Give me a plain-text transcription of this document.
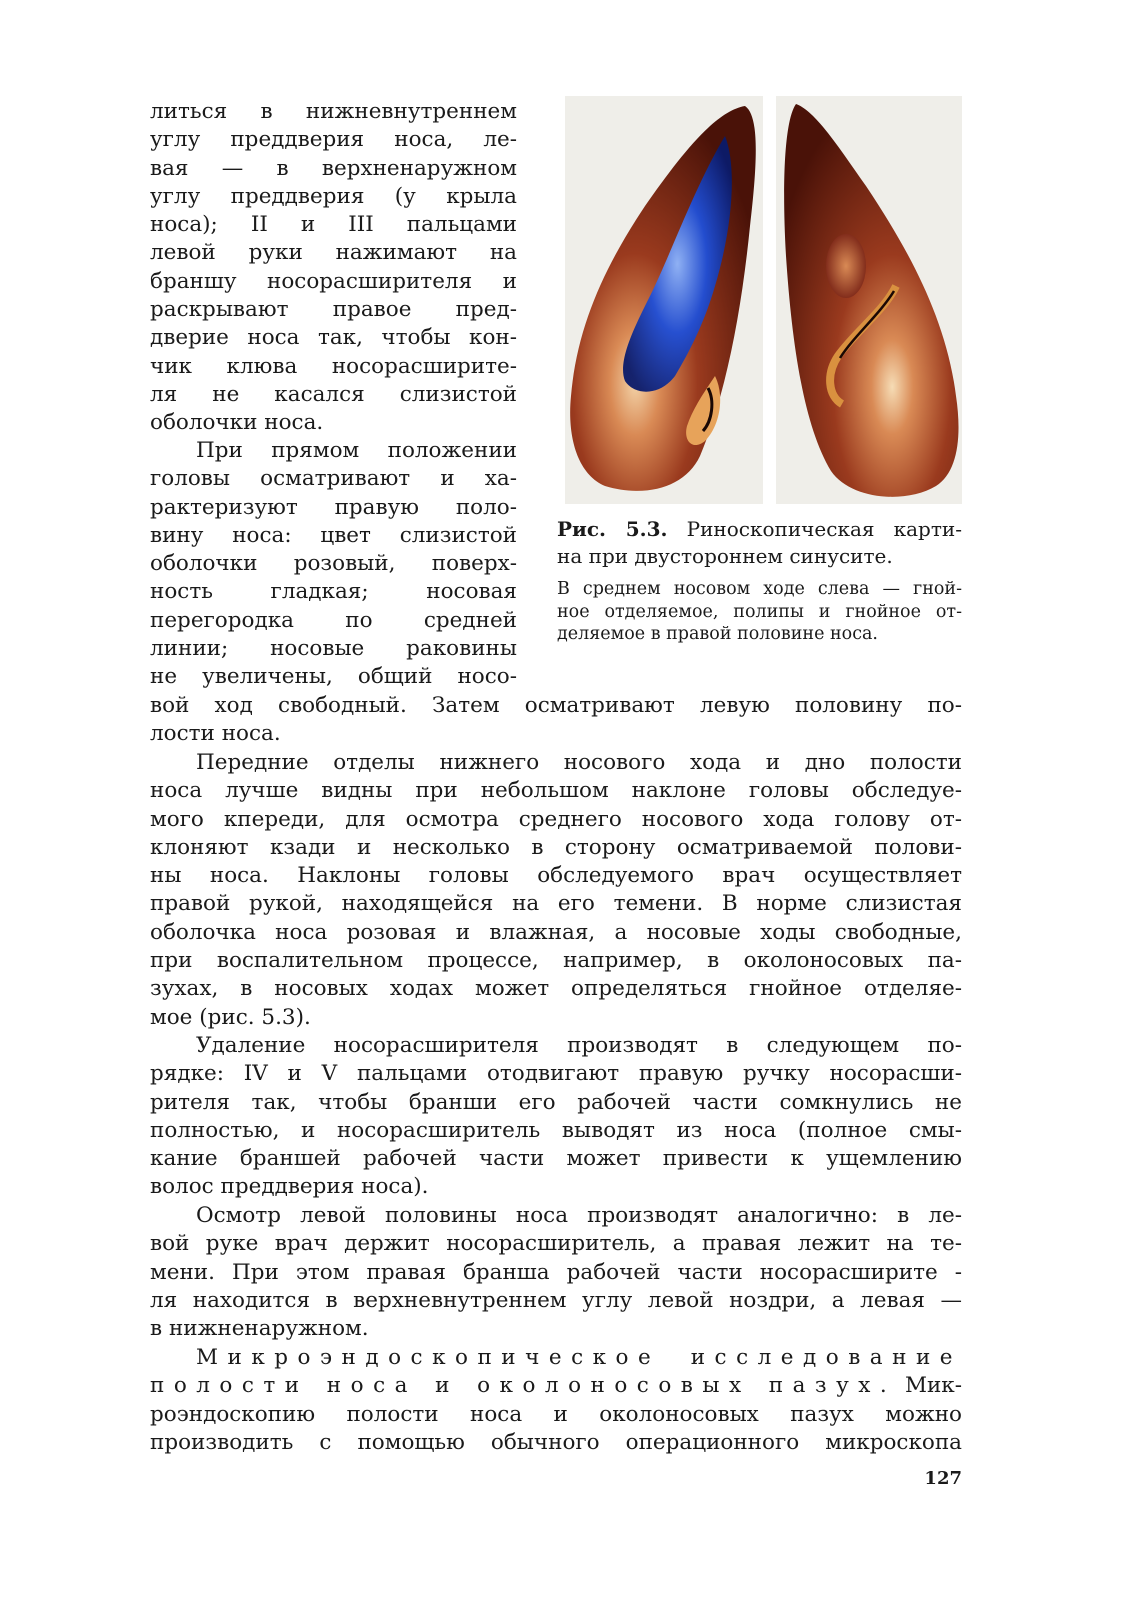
литься в нижневнутреннем
углу преддверия носа, ле-
вая — в верхненаружном
углу преддверия (у крыла
носа); II и III пальцами
левой руки нажимают на
браншу носорасширителя и
раскрывают правое пред-
дверие носа так, чтобы кон-
чик клюва носорасширите-
ля не касался слизистой
оболочки носа.
При прямом положении
головы осматривают и ха-
рактеризуют правую поло-
вину носа: цвет слизистой
оболочки розовый, поверх-
ность гладкая; носовая
перегородка по средней
линии; носовые раковины
не увеличены, общий носо-

Рис. 5.3. Риноскопическая карти-
на при двустороннем синусите.

В среднем носовом ходе слева — гной-
ное отделяемое, полипы и гнойное от-
деляемое в правой половине носа.

вой ход свободный. Затем осматривают левую половину по-
лости носа.
Передние отделы нижнего носового хода и дно полости
носа лучше видны при небольшом наклоне головы обследуе-
мого кпереди, для осмотра среднего носового хода голову от-
клоняют кзади и несколько в сторону осматриваемой полови-
ны носа. Наклоны головы обследуемого врач осуществляет
правой рукой, находящейся на его темени. В норме слизистая
оболочка носа розовая и влажная, а носовые ходы свободные,
при воспалительном процессе, например, в околоносовых па-
зухах, в носовых ходах может определяться гнойное отделяе-
мое (рис. 5.3).
Удаление носорасширителя производят в следующем по-
рядке: IV и V пальцами отодвигают правую ручку носорасши-
рителя так, чтобы бранши его рабочей части сомкнулись не
полностью, и носорасширитель выводят из носа (полное смы-
кание браншей рабочей части может привести к ущемлению
волос преддверия носа).
Осмотр левой половины носа производят аналогично: в ле-
вой руке врач держит носорасширитель, а правая лежит на те-
мени. При этом правая бранша рабочей части носорасширите -
ля находится в верхневнутреннем углу левой ноздри, а левая —
в нижненаружном.
Микроэндоскопическое исследование
полости носа и околоносовых пазух. Мик-
роэндоскопию полости носа и околоносовых пазух можно
производить с помощью обычного операционного микроскопа
127
